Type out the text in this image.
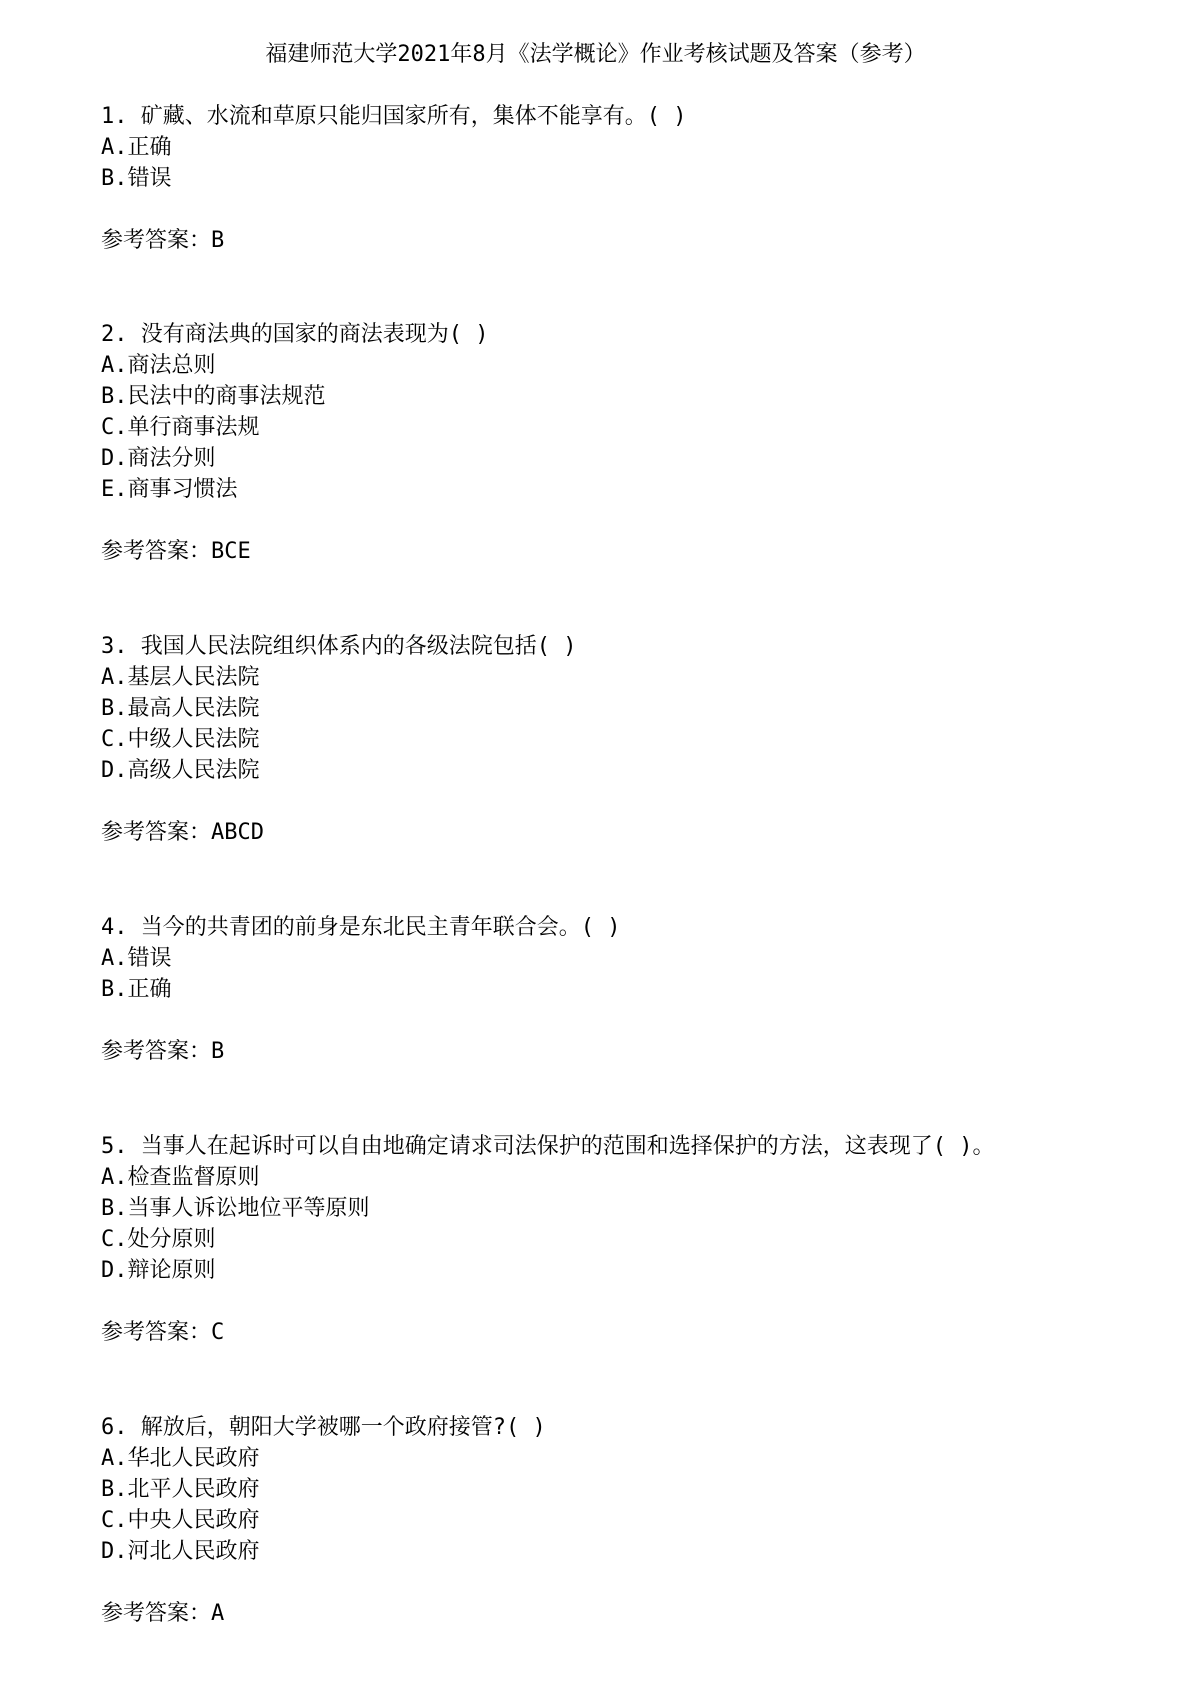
福建师范大学2021年8月《法学概论》作业考核试题及答案（参考）
1. 矿藏、水流和草原只能归国家所有，集体不能享有。( )
A.正确
B.错误
参考答案：B
2. 没有商法典的国家的商法表现为( )
A.商法总则
B.民法中的商事法规范
C.单行商事法规
D.商法分则
E.商事习惯法
参考答案：BCE
3. 我国人民法院组织体系内的各级法院包括( )
A.基层人民法院
B.最高人民法院
C.中级人民法院
D.高级人民法院
参考答案：ABCD
4. 当今的共青团的前身是东北民主青年联合会。( )
A.错误
B.正确
参考答案：B
5. 当事人在起诉时可以自由地确定请求司法保护的范围和选择保护的方法，这表现了( )。
A.检查监督原则
B.当事人诉讼地位平等原则
C.处分原则
D.辩论原则
参考答案：C
6. 解放后，朝阳大学被哪一个政府接管?( )
A.华北人民政府
B.北平人民政府
C.中央人民政府
D.河北人民政府
参考答案：A
